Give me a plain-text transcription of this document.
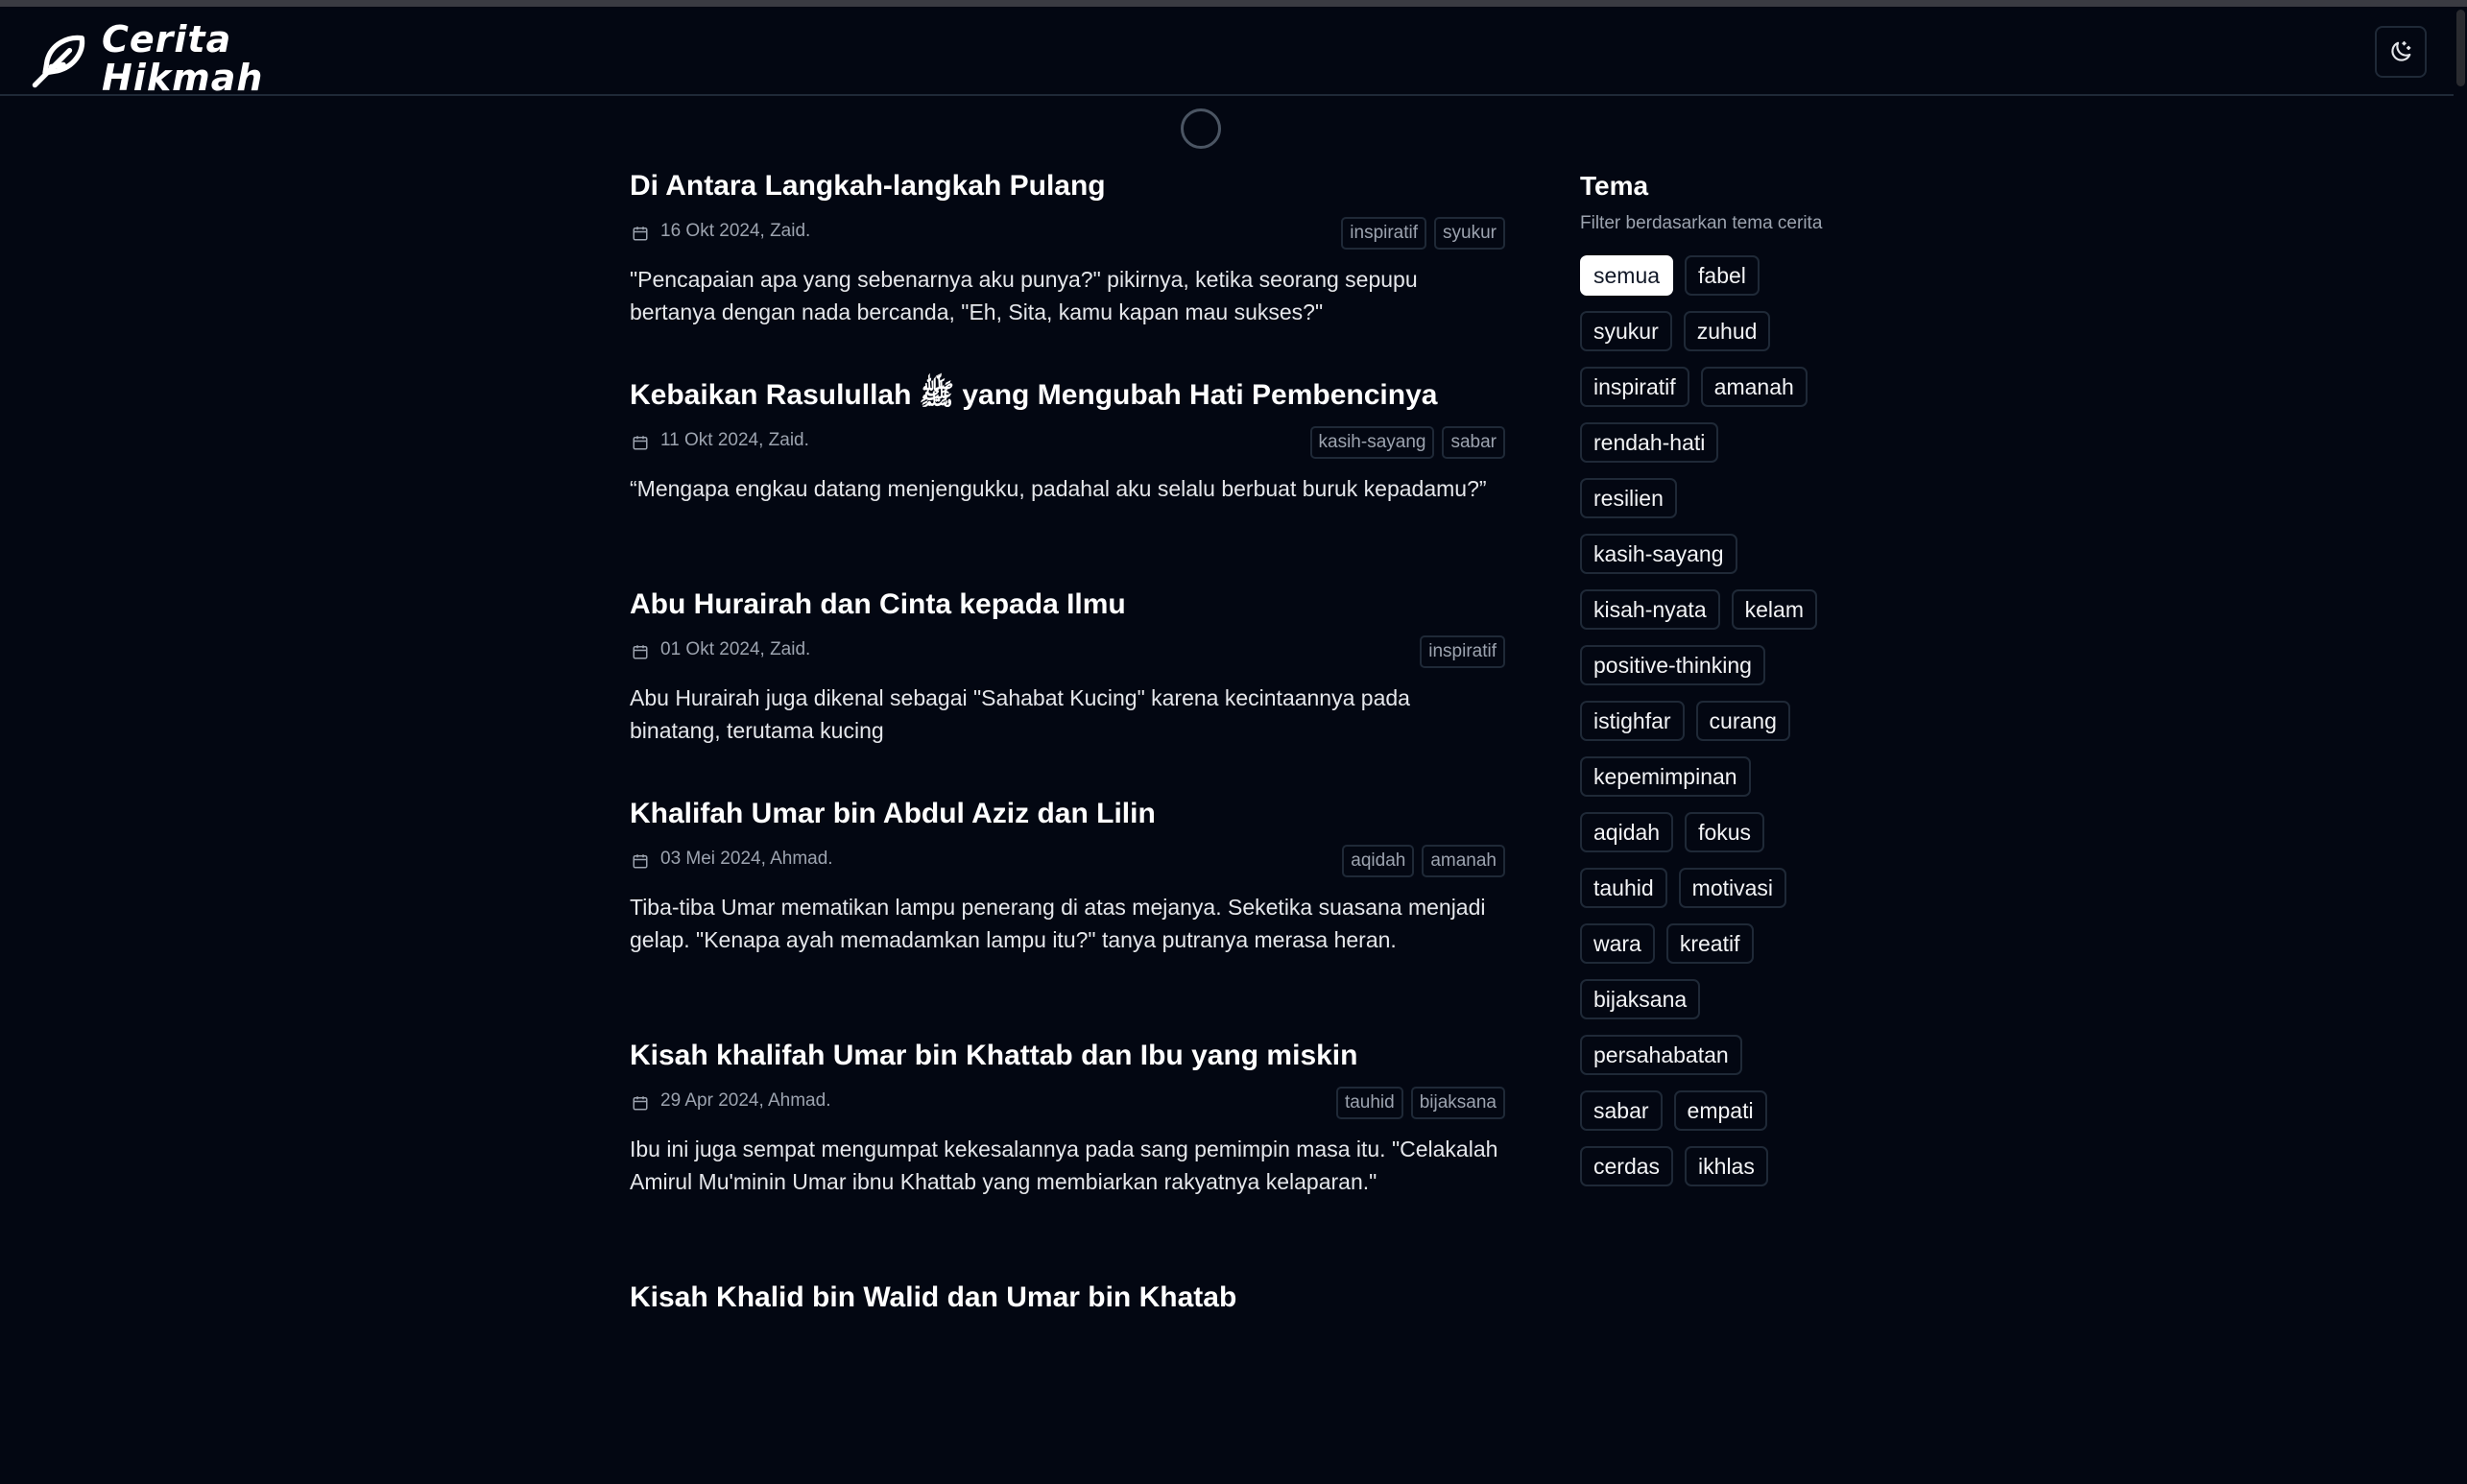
Cerita
Hikmah
Di Antara Langkah-langkah Pulang
16 Okt 2024, Zaid.	inspiratif	syukur
"Pencapaian apa yang sebenarnya aku punya?" pikirnya, ketika seorang sepupu bertanya dengan nada bercanda, "Eh, Sita, kamu kapan mau sukses?"
Kebaikan Rasulullah ﷺ yang Mengubah Hati Pembencinya
11 Okt 2024, Zaid.	kasih-sayang	sabar
“Mengapa engkau datang menjengukku, padahal aku selalu berbuat buruk kepadamu?”
Abu Hurairah dan Cinta kepada Ilmu
01 Okt 2024, Zaid.	inspiratif
Abu Hurairah juga dikenal sebagai "Sahabat Kucing" karena kecintaannya pada binatang, terutama kucing
Khalifah Umar bin Abdul Aziz dan Lilin
03 Mei 2024, Ahmad.	aqidah	amanah
Tiba-tiba Umar mematikan lampu penerang di atas mejanya. Seketika suasana menjadi gelap. "Kenapa ayah memadamkan lampu itu?" tanya putranya merasa heran.
Kisah khalifah Umar bin Khattab dan Ibu yang miskin
29 Apr 2024, Ahmad.	tauhid	bijaksana
Ibu ini juga sempat mengumpat kekesalannya pada sang pemimpin masa itu. "Celakalah Amirul Mu'minin Umar ibnu Khattab yang membiarkan rakyatnya kelaparan."
Kisah Khalid bin Walid dan Umar bin Khatab
Tema
Filter berdasarkan tema cerita
semua	fabel
syukur	zuhud
inspiratif	amanah
rendah-hati
resilien
kasih-sayang
kisah-nyata	kelam
positive-thinking
istighfar	curang
kepemimpinan
aqidah	fokus
tauhid	motivasi
wara	kreatif
bijaksana
persahabatan
sabar	empati
cerdas	ikhlas
